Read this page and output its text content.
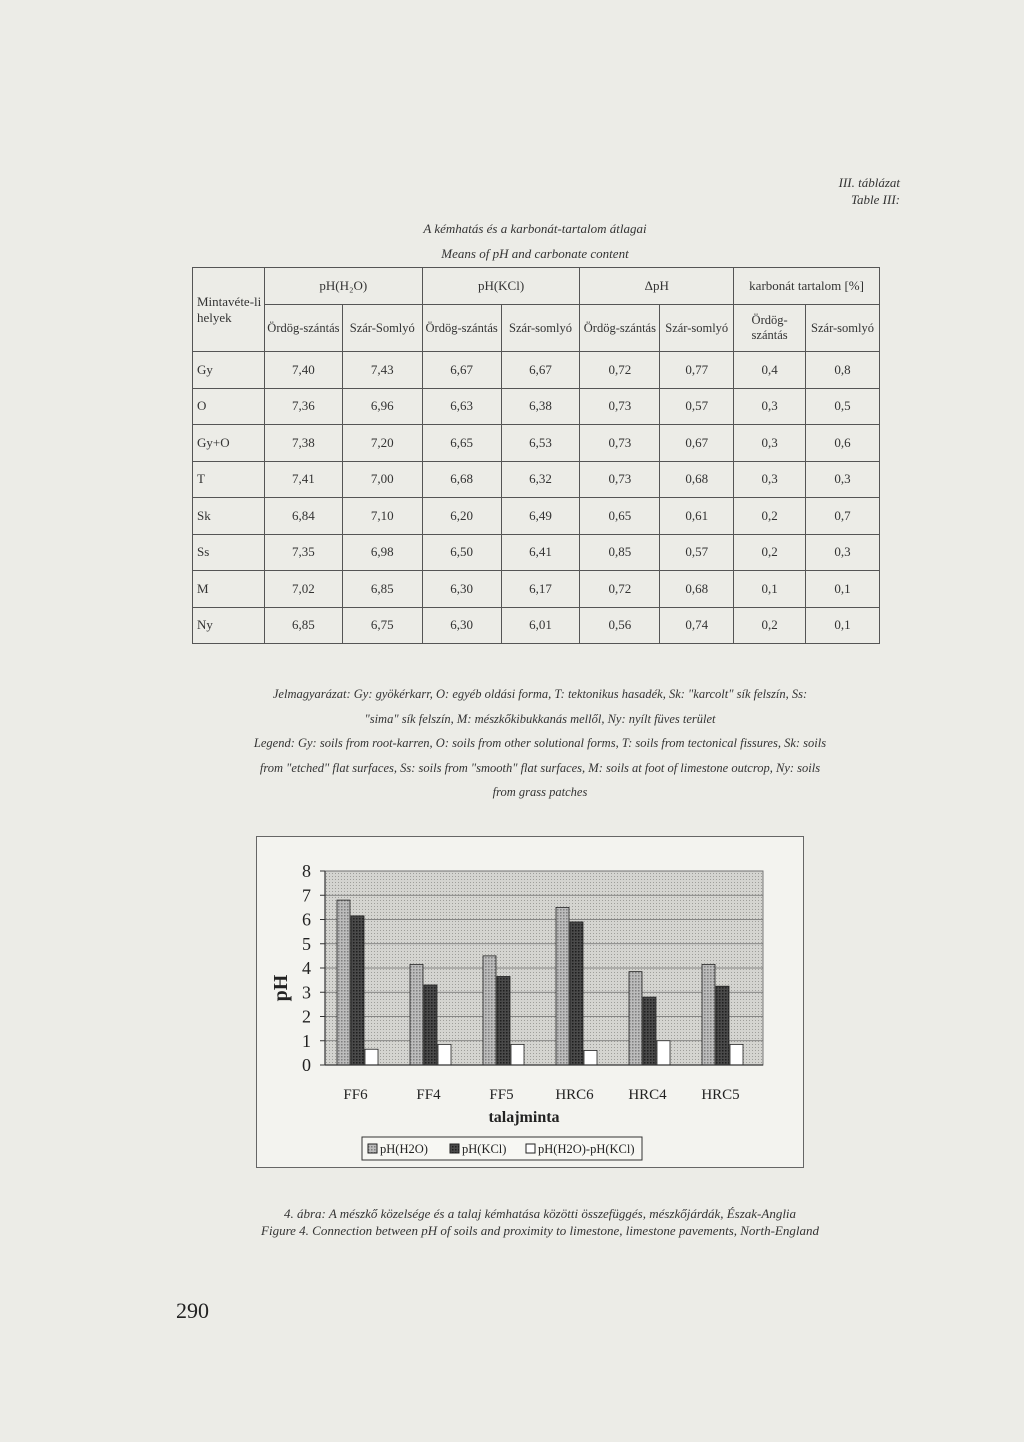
III. táblázat
Table III:
A kémhatás és a karbonát-tartalom átlagai
Means of pH and carbonate content
Mintavéte-li helyek	pH(H₂O)		pH(KCl)		ΔpH		karbonát tartalom [%]	
	Ördög-szántás	Szár-Somlyó	Ördög-szántás	Szár-somlyó	Ördög-szántás	Szár-somlyó	Ördög-szántás	Szár-somlyó
Gy	7,40	7,43	6,67	6,67	0,72	0,77	0,4	0,8
O	7,36	6,96	6,63	6,38	0,73	0,57	0,3	0,5
Gy+O	7,38	7,20	6,65	6,53	0,73	0,67	0,3	0,6
T	7,41	7,00	6,68	6,32	0,73	0,68	0,3	0,3
Sk	6,84	7,10	6,20	6,49	0,65	0,61	0,2	0,7
Ss	7,35	6,98	6,50	6,41	0,85	0,57	0,2	0,3
M	7,02	6,85	6,30	6,17	0,72	0,68	0,1	0,1
Ny	6,85	6,75	6,30	6,01	0,56	0,74	0,2	0,1

Jelmagyarázat: Gy: gyökérkarr, O: egyéb oldási forma, T: tektonikus hasadék, Sk: "karcolt" sík felszín, Ss:

"sima" sík felszín, M: mészkőkibukkanás mellől, Ny: nyílt füves terület

Legend: Gy: soils from root-karren, O: soils from other solutional forms, T: soils from tectonical fissures, Sk: soils

from "etched" flat surfaces, Ss: soils from "smooth" flat surfaces, M: soils at foot of limestone outcrop, Ny: soils

from grass patches

0
1
2
3
4
5
6
7
8
FF6	FF4	FF5	HRC6 HRC4 HRC5
pH
talajminta
pH(H2O)	pH(KCl)	pH(H2O)-pH(KCl)
4. ábra: A mészkő közelsége és a talaj kémhatása közötti összefüggés, mészkőjárdák, Észak-Anglia
Figure 4. Connection between pH of soils and proximity to limestone, limestone pavements, North-England
290
